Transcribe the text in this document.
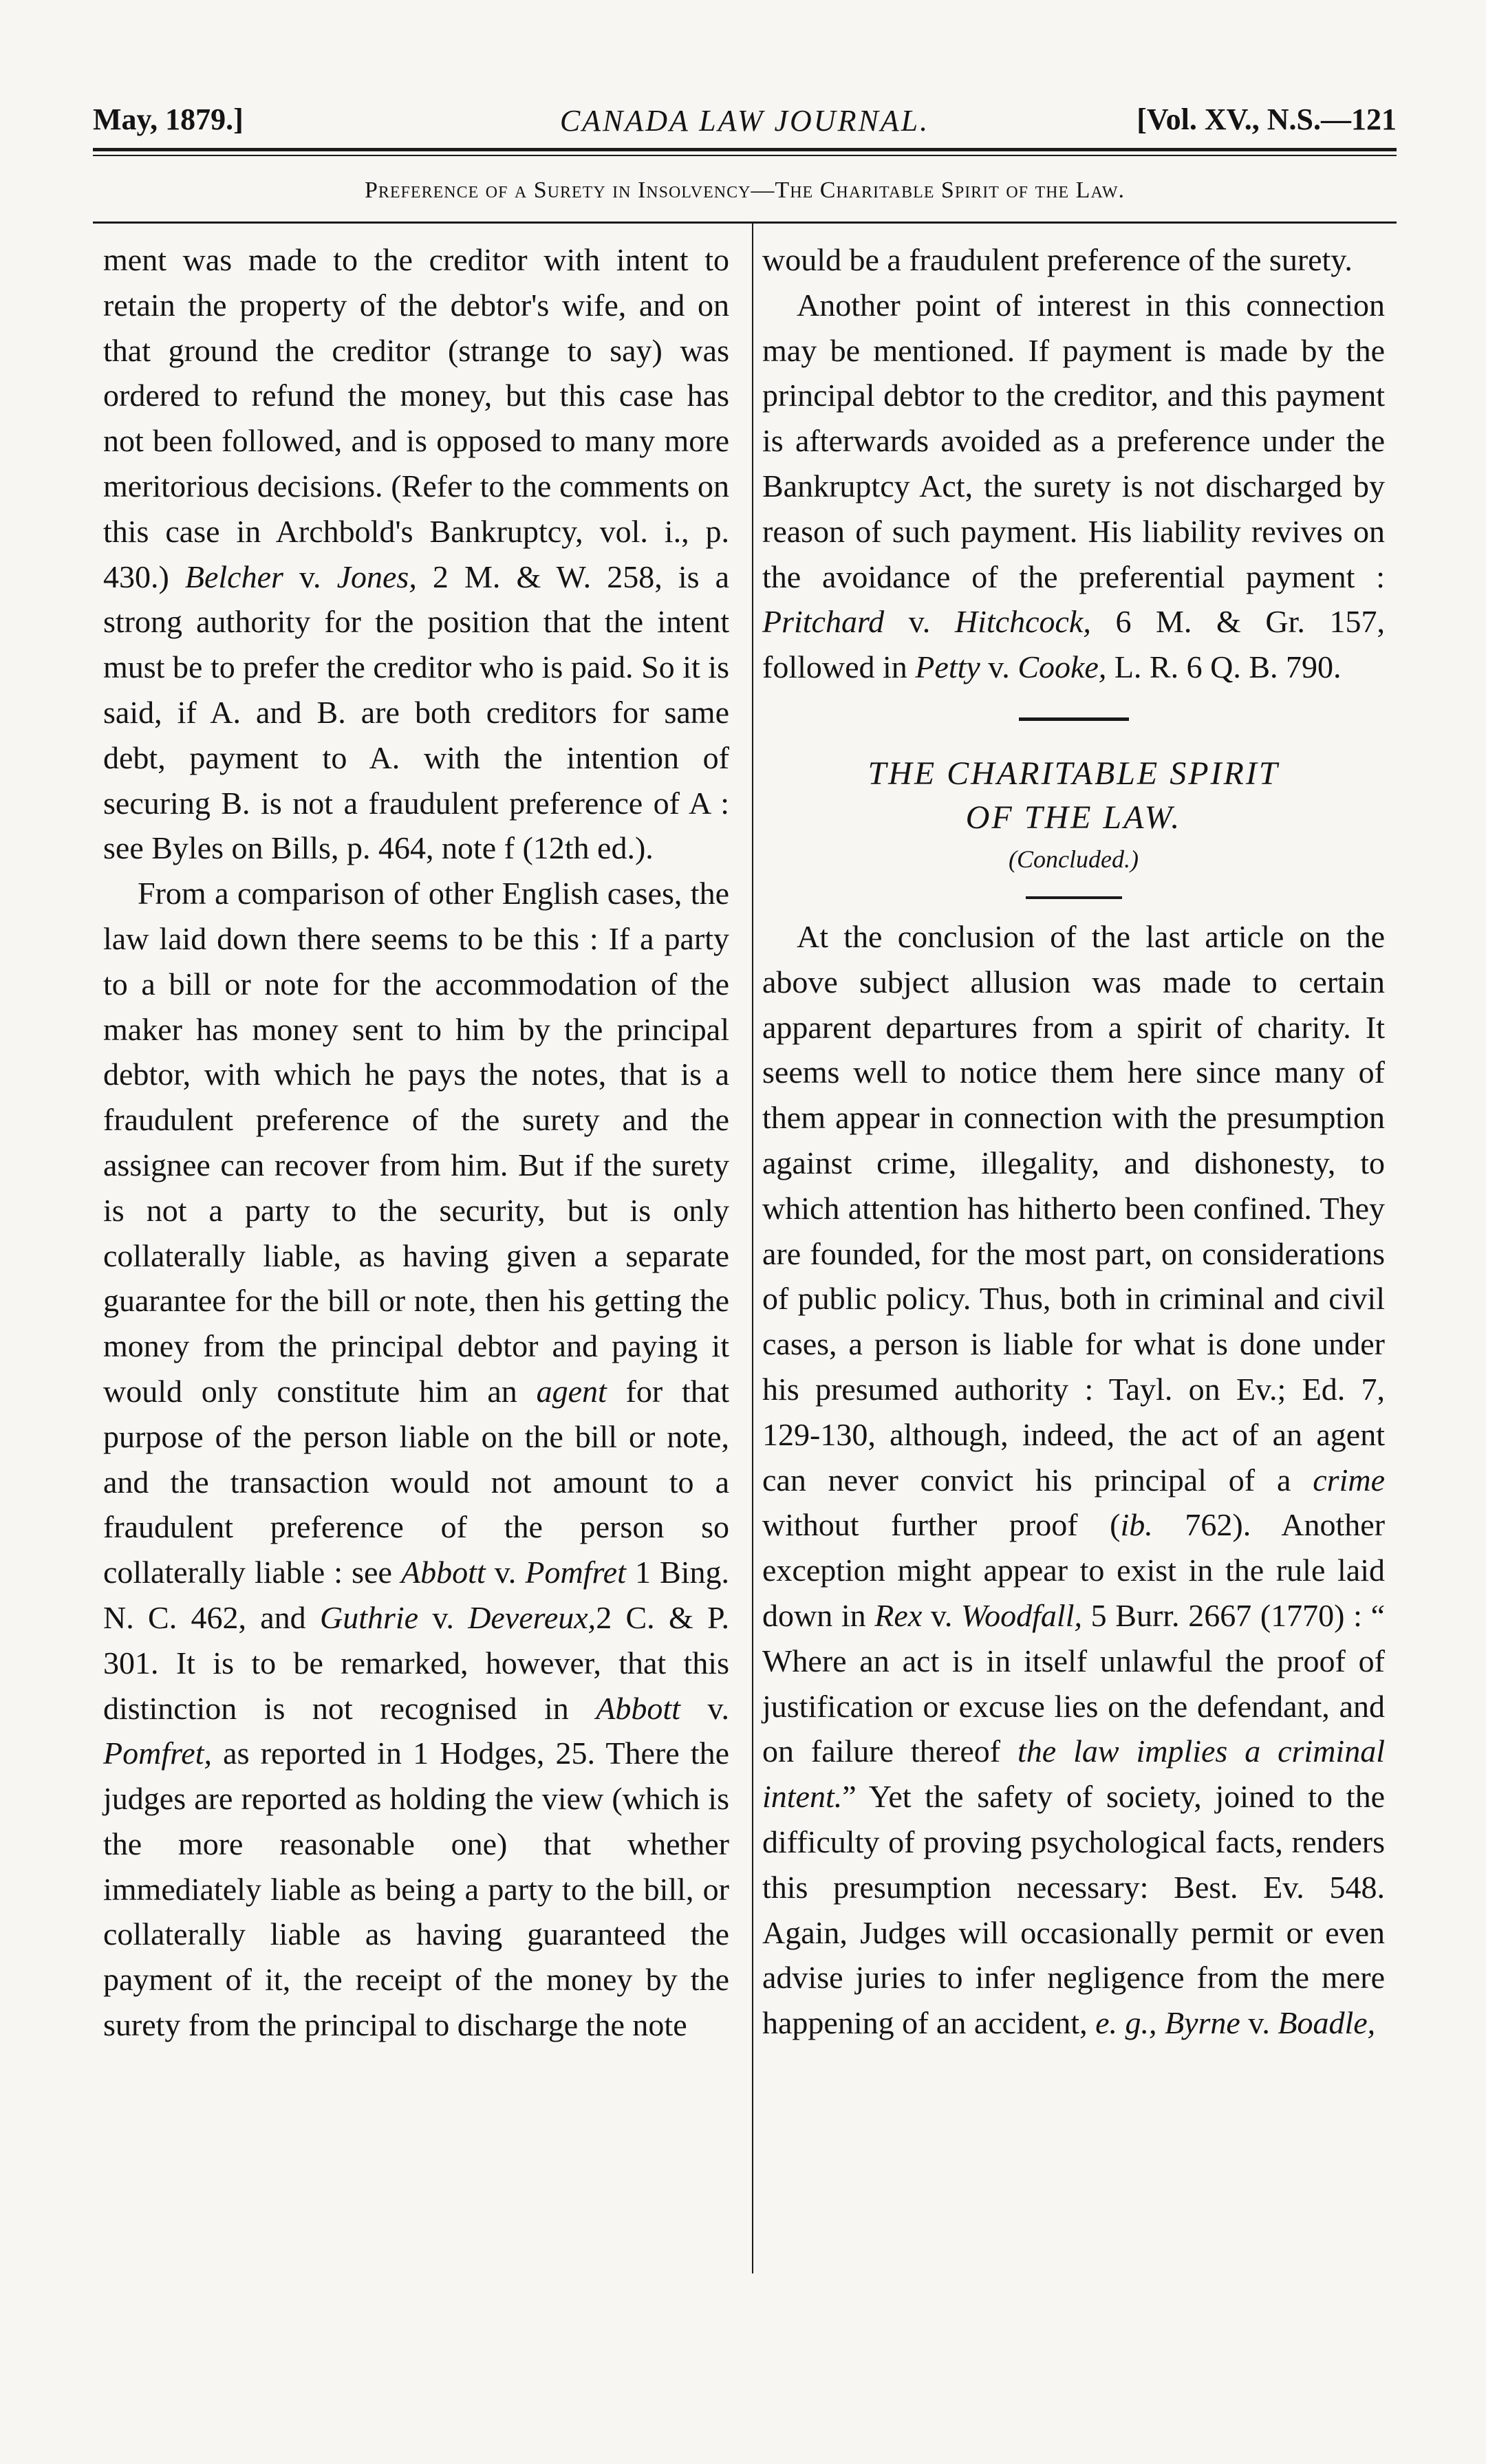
May, 1879.]	CANADA LAW JOURNAL.	[Vol. XV., N.S.—121
Preference of a Surety in Insolvency—The Charitable Spirit of the Law.

ment was made to the creditor with intent to retain the property of the debtor's wife, and on that ground the creditor (strange to say) was ordered to refund the money, but this case has not been followed, and is opposed to many more meritorious decisions. (Refer to the comments on this case in Archbold's Bankruptcy, vol. i., p. 430.) Belcher v. Jones, 2 M. & W. 258, is a strong authority for the position that the intent must be to prefer the creditor who is paid. So it is said, if A. and B. are both creditors for same debt, payment to A. with the intention of securing B. is not a fraudulent preference of A : see Byles on Bills, p. 464, note f (12th ed.).

From a comparison of other English cases, the law laid down there seems to be this : If a party to a bill or note for the accommodation of the maker has money sent to him by the principal debtor, with which he pays the notes, that is a fraudulent preference of the surety and the assignee can recover from him. But if the surety is not a party to the security, but is only collaterally liable, as having given a separate guarantee for the bill or note, then his getting the money from the principal debtor and paying it would only constitute him an agent for that purpose of the person liable on the bill or note, and the transaction would not amount to a fraudulent preference of the person so collaterally liable : see Abbott v. Pomfret 1 Bing. N. C. 462, and Guthrie v. Devereux,2 C. & P. 301. It is to be remarked, however, that this distinction is not recognised in Abbott v. Pomfret, as reported in 1 Hodges, 25. There the judges are reported as holding the view (which is the more reasonable one) that whether immediately liable as being a party to the bill, or collaterally liable as having guaranteed the payment of it, the receipt of the money by the surety from the principal to discharge the note

would be a fraudulent preference of the surety.

Another point of interest in this connection may be mentioned. If payment is made by the principal debtor to the creditor, and this payment is afterwards avoided as a preference under the Bankruptcy Act, the surety is not discharged by reason of such payment. His liability revives on the avoidance of the preferential payment : Pritchard v. Hitchcock, 6 M. & Gr. 157, followed in Petty v. Cooke, L. R. 6 Q. B. 790.

THE CHARITABLE SPIRIT
OF THE LAW.

(Concluded.)

At the conclusion of the last article on the above subject allusion was made to certain apparent departures from a spirit of charity. It seems well to notice them here since many of them appear in connection with the presumption against crime, illegality, and dishonesty, to which attention has hitherto been confined. They are founded, for the most part, on considerations of public policy. Thus, both in criminal and civil cases, a person is liable for what is done under his presumed authority : Tayl. on Ev.; Ed. 7, 129-130, although, indeed, the act of an agent can never convict his principal of a crime without further proof (ib. 762). Another exception might appear to exist in the rule laid down in Rex v. Woodfall, 5 Burr. 2667 (1770) : “ Where an act is in itself unlawful the proof of justification or excuse lies on the defendant, and on failure thereof the law implies a criminal intent.” Yet the safety of society, joined to the difficulty of proving psychological facts, renders this presumption necessary: Best. Ev. 548. Again, Judges will occasionally permit or even advise juries to infer negligence from the mere happening of an accident, e. g., Byrne v. Boadle,
